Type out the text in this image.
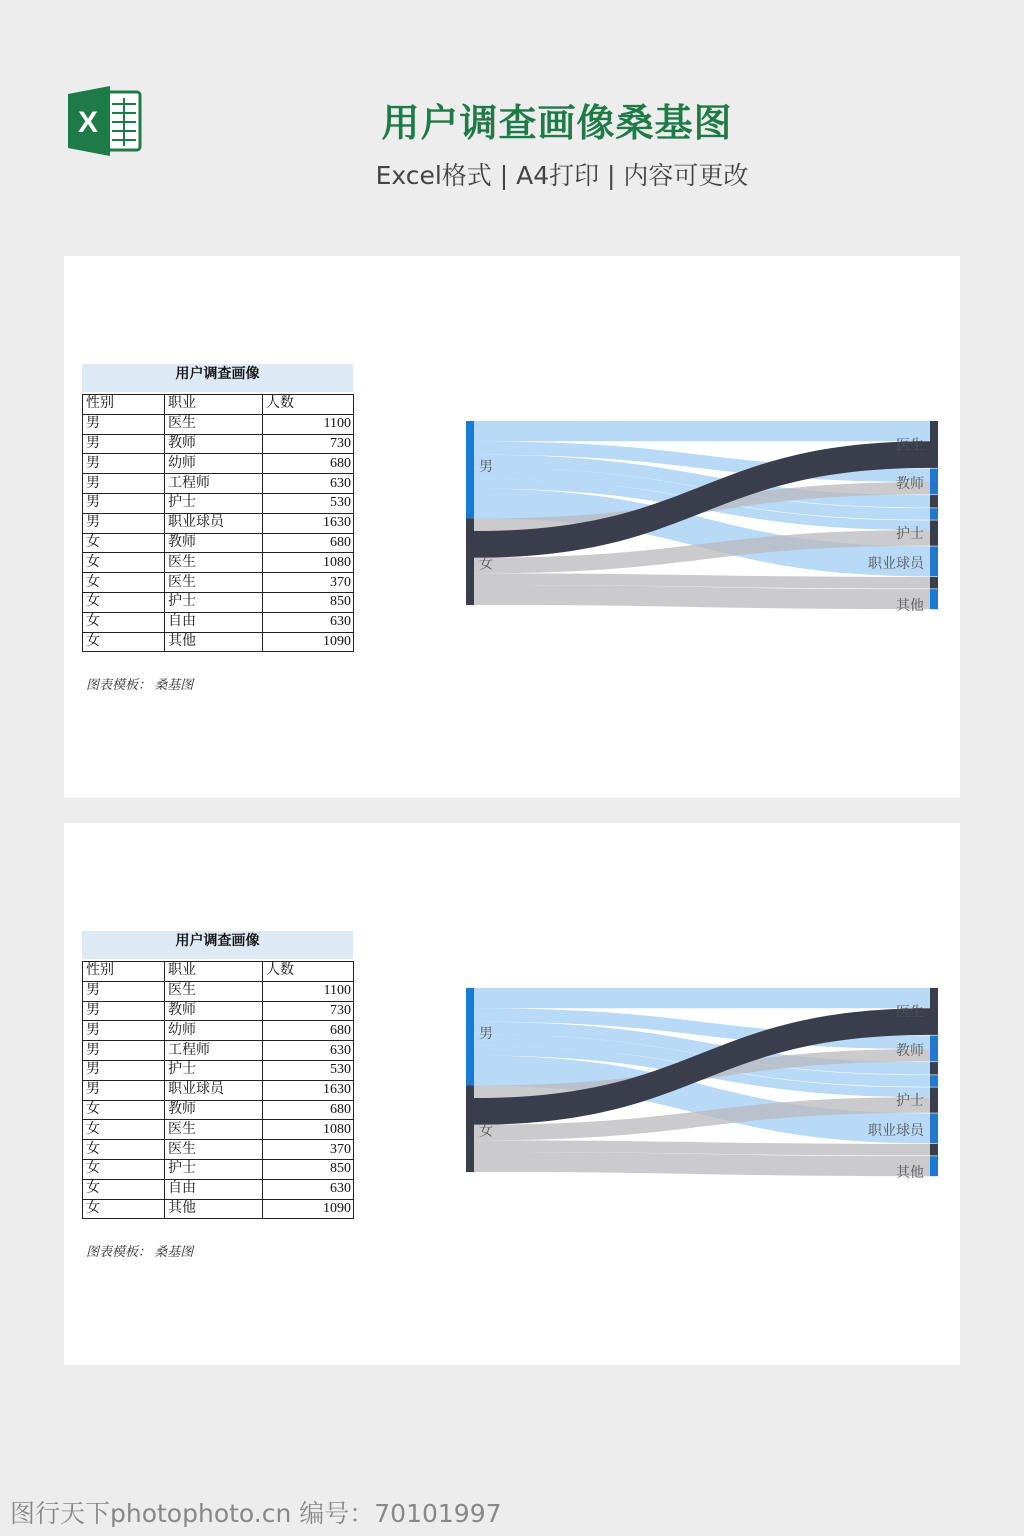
X	用户调查画像桑基图
Excel格式 | A4打印 | 内容可更改
用户调查画像
性别	职业	人数
男	医生	1100
男	教师	730
男	幼师	680
男	工程师	630
男	护士	530
男	职业球员	1630
女	教师	680
女	医生	1080
女	医生	370
女	护士	850
女	自由	630
女	其他	1090
图表模板： 桑基图
男
女
医生
教师
护士
职业球员
其他
用户调查画像
性别	职业	人数
男	医生	1100
男	教师	730
男	幼师	680
男	工程师	630
男	护士	530
男	职业球员	1630
女	教师	680
女	医生	1080
女	医生	370
女	护士	850
女	自由	630
女	其他	1090
图表模板： 桑基图
男
女
医生
教师
护士
职业球员
其他
图行天下photophoto.cn 编号：70101997
